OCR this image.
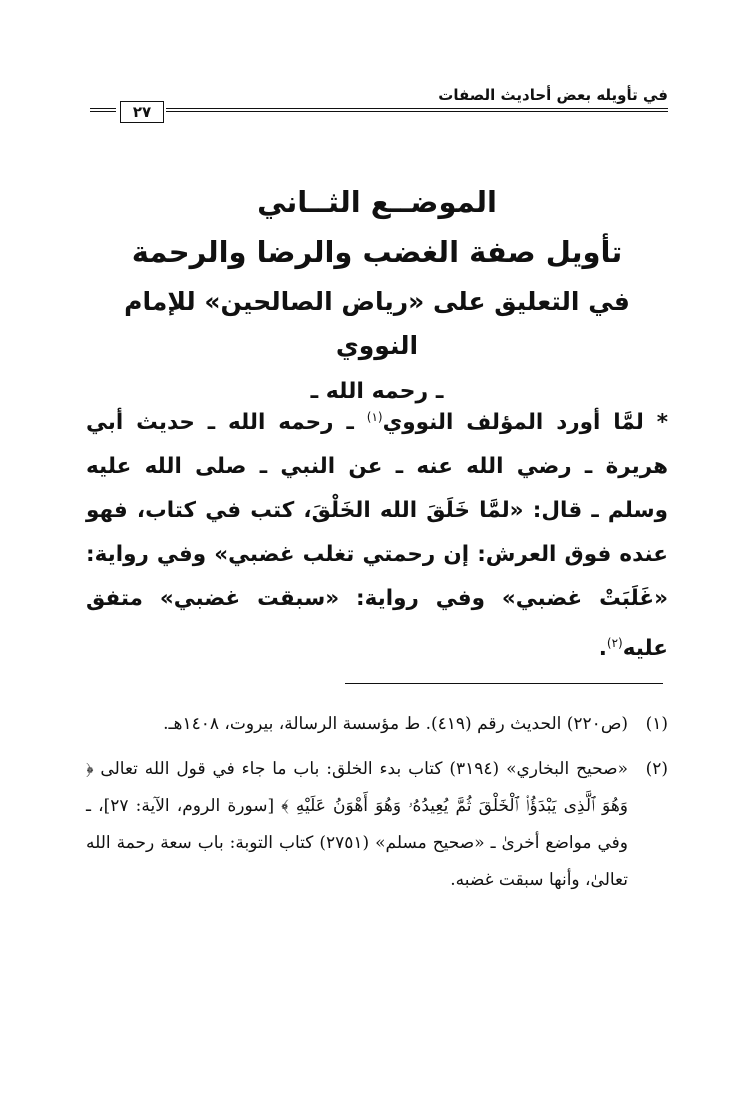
في تأويله بعض أحاديث الصفات
٢٧
الموضــع الثــاني
تأويل صفة الغضب والرضا والرحمة
في التعليق على «رياض الصالحين» للإمام النووي
ـ رحمه الله ـ
* لمَّا أورد المؤلف النووي$^{(١)}$ ـ رحمه الله ـ حديث أبي هريرة ـ رضي الله عنه ـ عن النبي ـ صلى الله عليه وسلم ـ قال: «لمَّا خَلَقَ الله الخَلْقَ، كتب في كتاب، فهو عنده فوق العرش: إن رحمتي تغلب غضبي» وفي رواية: «غَلَبَتْ غضبي» وفي رواية: «سبقت غضبي» متفق عليه$^{(٢)}$.
(١)
(ص٢٢٠) الحديث رقم (٤١٩). ط مؤسسة الرسالة، بيروت، ١٤٠٨هـ.
(٢)
«صحيح البخاري» (٣١٩٤) كتاب بدء الخلق: باب ما جاء في قول الله تعالى ﴿ وَهُوَ ٱلَّذِى يَبْدَؤُا۟ ٱلْخَلْقَ ثُمَّ يُعِيدُهُۥ وَهُوَ أَهْوَنُ عَلَيْهِ ﴾ [سورة الروم، الآية: ٢٧]، ـ وفي مواضع أخرىٰ ـ «صحيح مسلم» (٢٧٥١) كتاب التوبة: باب سعة رحمة الله تعالىٰ، وأنها سبقت غضبه.
